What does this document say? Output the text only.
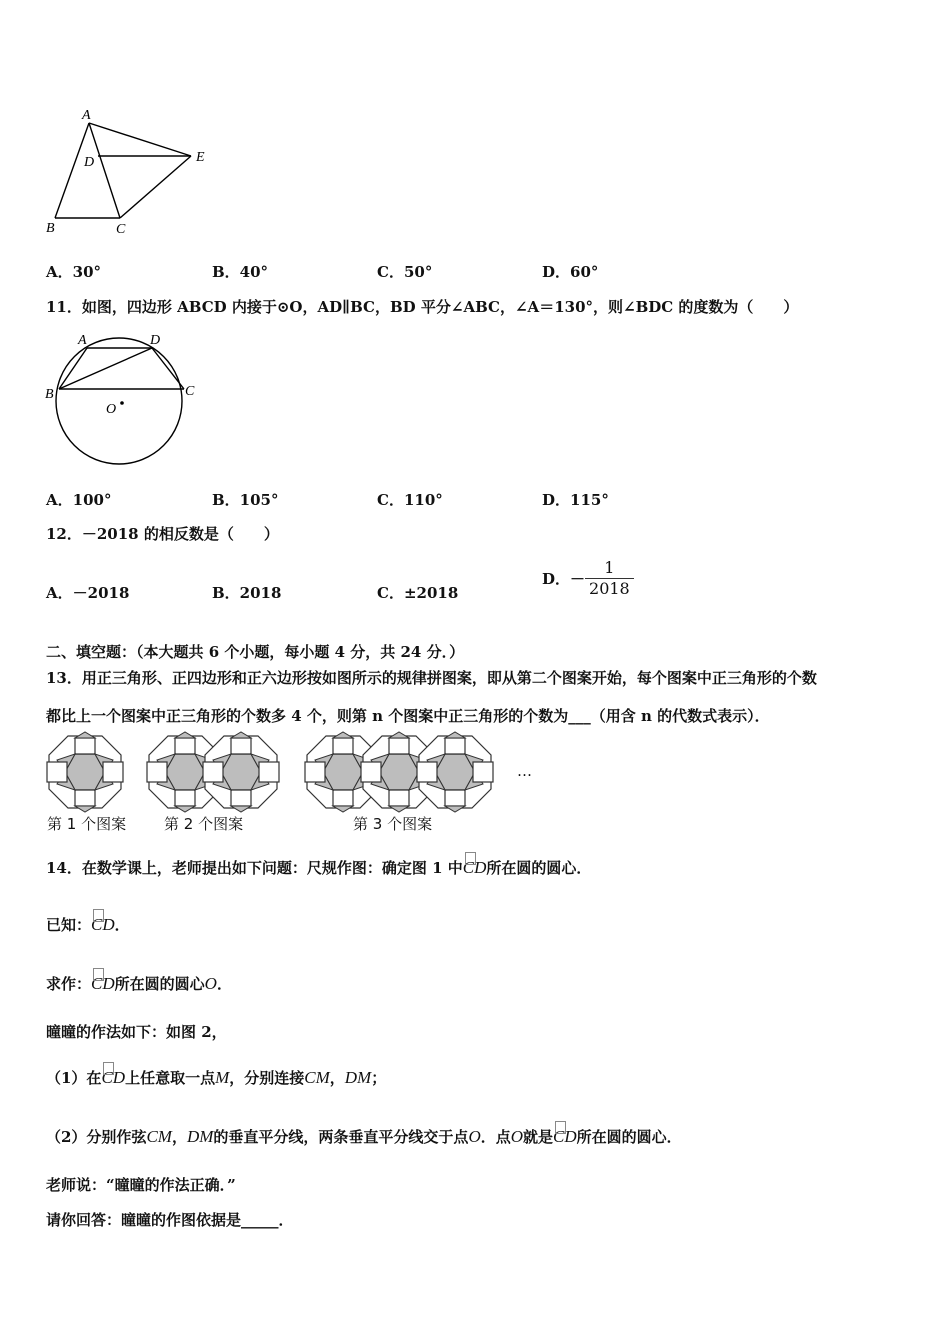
A
D	E
B	C
A．30°	B．40°	C．50°	D．60°
11．如图，四边形 ABCD 内接于⊙O，AD∥BC，BD 平分∠ABC，∠A＝130°，则∠BDC 的度数为（　　）
A	D
B	C
O
A．100°	B．105°	C．110°	D．115°
12．－2018 的相反数是（　　）
A．－2018	B．2018	C．±2018
D．－ $\frac{1}{2018}$
二、填空题：（本大题共 6 个小题，每小题 4 分，共 24 分．）
13．用正三角形、正四边形和正六边形按如图所示的规律拼图案，即从第二个图案开始，每个图案中正三角形的个数
都比上一个图案中正三角形的个数多 4 个，则第 n 个图案中正三角形的个数为___（用含 n 的代数式表示）．
…
第 1 个图案	第 2 个图案	第 3 个图案
14．在数学课上，老师提出如下问题：尺规作图：确定图 1 中CD所在圆的圆心．
已知：CD．
求作：CD所在圆的圆心O．
曈曈的作法如下：如图 2，
（1）在CD上任意取一点M，分别连接CM，DM；
（2）分别作弦CM，DM的垂直平分线，两条垂直平分线交于点O．点O就是CD所在圆的圆心．
老师说：“曈曈的作法正确．”
请你回答：曈曈的作图依据是_____．
